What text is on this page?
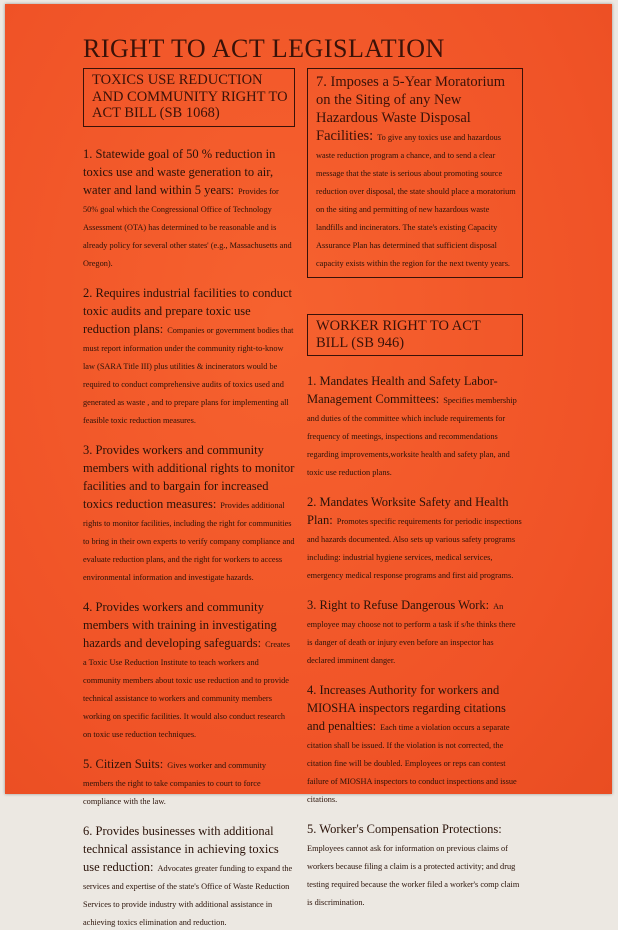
RIGHT TO ACT LEGISLATION
TOXICS USE REDUCTION AND COMMUNITY RIGHT TO ACT BILL (SB 1068)
1. Statewide goal of 50 % reduction in toxics use and waste generation to air, water and land within 5 years: Provides for 50% goal which the Congressional Office of Technology Assessment (OTA) has determined to be reasonable and is already policy for several other states' (e.g., Massachusetts and Oregon).
2. Requires industrial facilities to conduct toxic audits and prepare toxic use reduction plans: Companies or government bodies that must report information under the community right-to-know law (SARA Title III) plus utilities & incinerators would be required to conduct comprehensive audits of toxics used and generated as waste , and to prepare plans for implementing all feasible toxic reduction measures.
3. Provides workers and community members with additional rights to monitor facilities and to bargain for increased toxics reduction measures: Provides additional rights to monitor facilities, including the right for communities to bring in their own experts to verify company compliance and evaluate reduction plans, and the right for workers to access environmental information and investigate hazards.
4. Provides workers and community members with training in investigating hazards and developing safeguards: Creates a Toxic Use Reduction Institute to teach workers and community members about toxic use reduction and to provide technical assistance to workers and community members working on specific facilities. It would also conduct research on toxic use reduction techniques.
5. Citizen Suits: Gives worker and community members the right to take companies to court to force compliance with the law.
6. Provides businesses with additional technical assistance in achieving toxics use reduction: Advocates greater funding to expand the services and expertise of the state's Office of Waste Reduction Services to provide industry with additional assistance in achieving toxics elimination and reduction.
7. Imposes a 5-Year Moratorium on the Siting of any New Hazardous Waste Disposal Facilities: To give any toxics use and hazardous waste reduction program a chance, and to send a clear message that the state is serious about promoting source reduction over disposal, the state should place a moratorium on the siting and permitting of new hazardous waste landfills and incinerators. The state's existing Capacity Assurance Plan has determined that sufficient disposal capacity exists within the region for the next twenty years.
WORKER RIGHT TO ACT BILL (SB 946)
1. Mandates Health and Safety Labor-Management Committees: Specifies membership and duties of the committee which include requirements for frequency of meetings, inspections and recommendations regarding improvements,worksite health and safety plan, and toxic use reduction plans.
2. Mandates Worksite Safety and Health Plan: Promotes specific requirements for periodic inspections and hazards documented. Also sets up various safety programs including: industrial hygiene services, medical services, emergency medical response programs and first aid programs.
3. Right to Refuse Dangerous Work: An employee may choose not to perform a task if s/he thinks there is danger of death or injury even before an inspector has declared imminent danger.
4. Increases Authority for workers and MIOSHA inspectors regarding citations and penalties: Each time a violation occurs a separate citation shall be issued. If the violation is not corrected, the citation fine will be doubled. Employees or reps can contest failure of MIOSHA inspectors to conduct inspections and issue citations.
5. Worker's Compensation Protections: Employees cannot ask for information on previous claims of workers because filing a claim is a protected activity; and drug testing required because the worker filed a worker's comp claim is discrimination.
